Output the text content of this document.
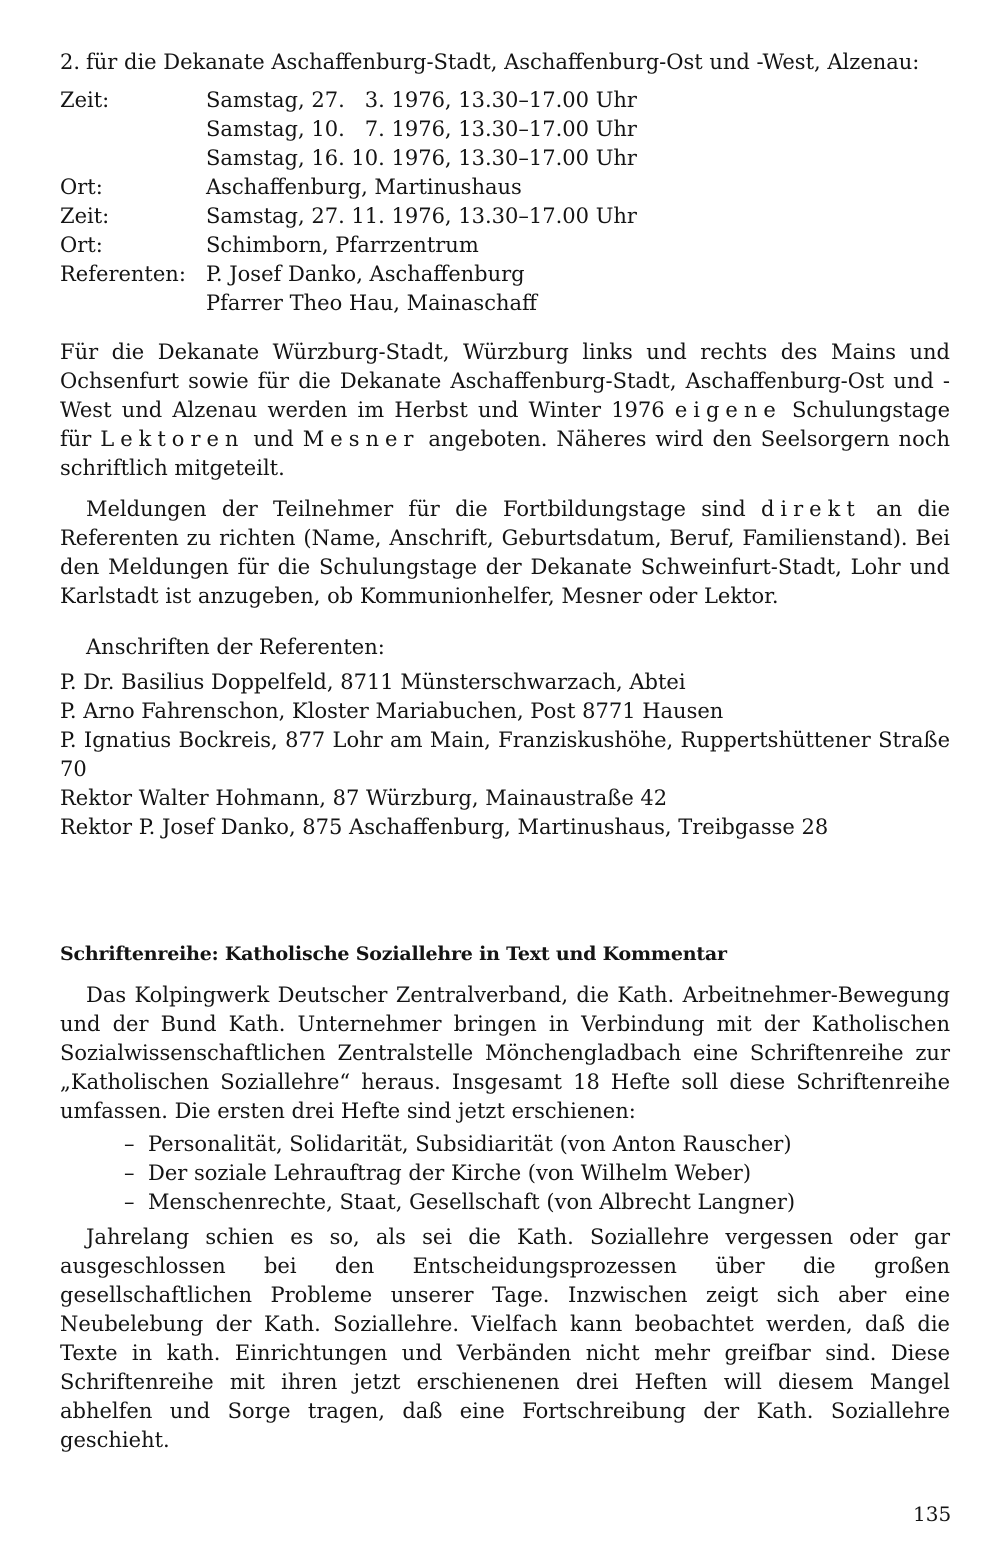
2. für die Dekanate Aschaffenburg-Stadt, Aschaffenburg-Ost und -West, Alzenau:
Zeit:	Samstag, 27.   3. 1976, 13.30–17.00 Uhr
	Samstag, 10.   7. 1976, 13.30–17.00 Uhr
	Samstag, 16. 10. 1976, 13.30–17.00 Uhr
Ort:	Aschaffenburg, Martinushaus
Zeit:	Samstag, 27. 11. 1976, 13.30–17.00 Uhr
Ort:	Schimborn, Pfarrzentrum
Referenten:	P. Josef Danko, Aschaffenburg
	Pfarrer Theo Hau, Mainaschaff

Für die Dekanate Würzburg-Stadt, Würzburg links und rechts des Mains und Ochsenfurt sowie für die Dekanate Aschaffenburg-Stadt, Aschaffenburg-Ost und -West und Alzenau werden im Herbst und Winter 1976 eigene Schulungstage für Lektoren und Mesner angeboten. Näheres wird den Seelsorgern noch schriftlich mitgeteilt.

Meldungen der Teilnehmer für die Fortbildungstage sind direkt an die Referenten zu richten (Name, Anschrift, Geburtsdatum, Beruf, Familienstand). Bei den Meldungen für die Schulungstage der Dekanate Schweinfurt-Stadt, Lohr und Karlstadt ist anzugeben, ob Kommunionhelfer, Mesner oder Lektor.

Anschriften der Referenten:

P. Dr. Basilius Doppelfeld, 8711 Münsterschwarzach, Abtei

P. Arno Fahrenschon, Kloster Mariabuchen, Post 8771 Hausen

P. Ignatius Bockreis, 877 Lohr am Main, Franziskushöhe, Ruppertshüttener Straße 70

Rektor Walter Hohmann, 87 Würzburg, Mainaustraße 42

Rektor P. Josef Danko, 875 Aschaffenburg, Martinushaus, Treibgasse 28

Schriftenreihe: Katholische Soziallehre in Text und Kommentar

Das Kolpingwerk Deutscher Zentralverband, die Kath. Arbeitnehmer-Bewegung und der Bund Kath. Unternehmer bringen in Verbindung mit der Katholischen Sozialwissenschaftlichen Zentralstelle Mönchengladbach eine Schriftenreihe zur „Katholischen Soziallehre“ heraus. Insgesamt 18 Hefte soll diese Schriftenreihe umfassen. Die ersten drei Hefte sind jetzt erschienen:

– Personalität, Solidarität, Subsidiarität (von Anton Rauscher)
– Der soziale Lehrauftrag der Kirche (von Wilhelm Weber)
– Menschenrechte, Staat, Gesellschaft (von Albrecht Langner)

Jahrelang schien es so, als sei die Kath. Soziallehre vergessen oder gar ausgeschlossen bei den Entscheidungsprozessen über die großen gesellschaftlichen Probleme unserer Tage. Inzwischen zeigt sich aber eine Neubelebung der Kath. Soziallehre. Vielfach kann beobachtet werden, daß die Texte in kath. Einrichtungen und Verbänden nicht mehr greifbar sind. Diese Schriftenreihe mit ihren jetzt erschienenen drei Heften will diesem Mangel abhelfen und Sorge tragen, daß eine Fortschreibung der Kath. Soziallehre geschieht.

135
